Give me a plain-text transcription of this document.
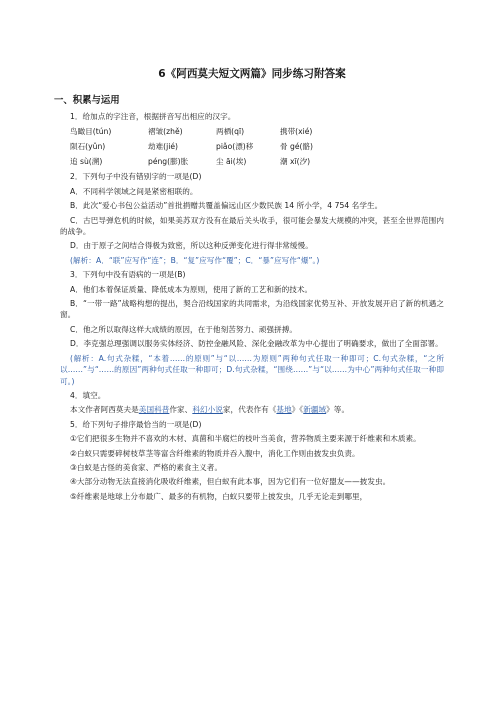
6《阿西莫夫短文两篇》同步练习附答案
一、积累与运用
1．给加点的字注音，根据拼音写出相应的汉字。
鸟瞰目(tún)	褶皱(zhě)	两栖(qī)	携带(xié)
陨石(yǔn)	劫难(jié)	piǎo(漂)移	骨 gé(骼)
追 sù(溯)	péng(膨)胀	尘 āi(埃)	潮 xī(汐)
2．下列句子中没有错别字的一项是(D)
A．不同科学领域之间是紧密相联的。
B．此次“爱心书包公益活动”首批捐赠共覆盖偏远山区少数民族 14 所小学，4 754 名学生。
C．古巴导弹危机的时候，如果美苏双方没有在最后关头收手，很可能会暴发大规模的冲突，甚至全世界范围内的战争。
D．由于原子之间结合得极为致密，所以这种反弹变化进行得非常缓慢。
(解析：A．“联”应写作“连”；B．“复”应写作“覆”；C．“暴”应写作“爆”。)
3．下列句中没有语病的一项是(B)
A．他们本着保证质量、降低成本为原则，使用了新的工艺和新的技术。
B．“一带一路”战略构想的提出，契合沿线国家的共同需求，为沿线国家优势互补、开放发展开启了新的机遇之窗。
C．他之所以取得这样大成绩的原因，在于他刻苦努力、顽强拼搏。
D．李克强总理强调以服务实体经济、防控金融风险、深化金融改革为中心提出了明确要求，做出了全面部署。
(解析：A.句式杂糅，“本着……的原则”与“以……为原则”两种句式任取一种即可；C.句式杂糅，“之所以……”与“……的原因”两种句式任取一种即可；D.句式杂糅，“围绕……”与“以……为中心”两种句式任取一种即可。)
4．填空。
本文作者阿西莫夫是美国科普作家、科幻小说家，代表作有《基地》《新疆域》等。
5．给下列句子排序最恰当的一项是(D)
①它们把很多生物并不喜欢的木材、真菌和半腐烂的枝叶当美食，营养物质主要来源于纤维素和木质素。
②白蚁只需要碎树枝草茎等富含纤维素的物质并吞入腹中，消化工作则由披发虫负责。
③白蚁是古怪的美食家、严格的素食主义者。
④大部分动物无法直接消化吸收纤维素，但白蚁有此本事，因为它们有一位好盟友——披发虫。
⑤纤维素是地球上分布最广、最多的有机物，白蚁只要带上披发虫，几乎无论走到哪里，
